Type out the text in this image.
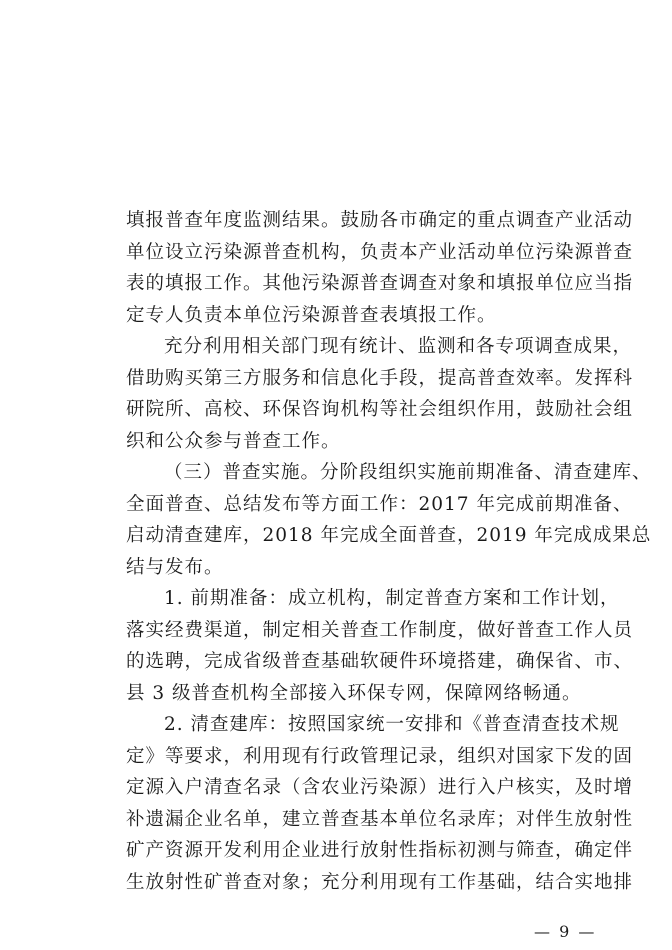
填报普查年度监测结果。鼓励各市确定的重点调查产业活动
单位设立污染源普查机构，负责本产业活动单位污染源普查
表的填报工作。其他污染源普查调查对象和填报单位应当指
定专人负责本单位污染源普查表填报工作。
充分利用相关部门现有统计、监测和各专项调查成果，
借助购买第三方服务和信息化手段，提高普查效率。发挥科
研院所、高校、环保咨询机构等社会组织作用，鼓励社会组
织和公众参与普查工作。
（三）普查实施。分阶段组织实施前期准备、清查建库、
全面普查、总结发布等方面工作：2017 年完成前期准备、
启动清查建库，2018 年完成全面普查，2019 年完成成果总
结与发布。
1. 前期准备：成立机构，制定普查方案和工作计划，
落实经费渠道，制定相关普查工作制度，做好普查工作人员
的选聘，完成省级普查基础软硬件环境搭建，确保省、市、
县 3 级普查机构全部接入环保专网，保障网络畅通。
2. 清查建库：按照国家统一安排和《普查清查技术规
定》等要求，利用现有行政管理记录，组织对国家下发的固
定源入户清查名录（含农业污染源）进行入户核实，及时增
补遗漏企业名单，建立普查基本单位名录库；对伴生放射性
矿产资源开发利用企业进行放射性指标初测与筛查，确定伴
生放射性矿普查对象；充分利用现有工作基础，结合实地排
— 9 —
